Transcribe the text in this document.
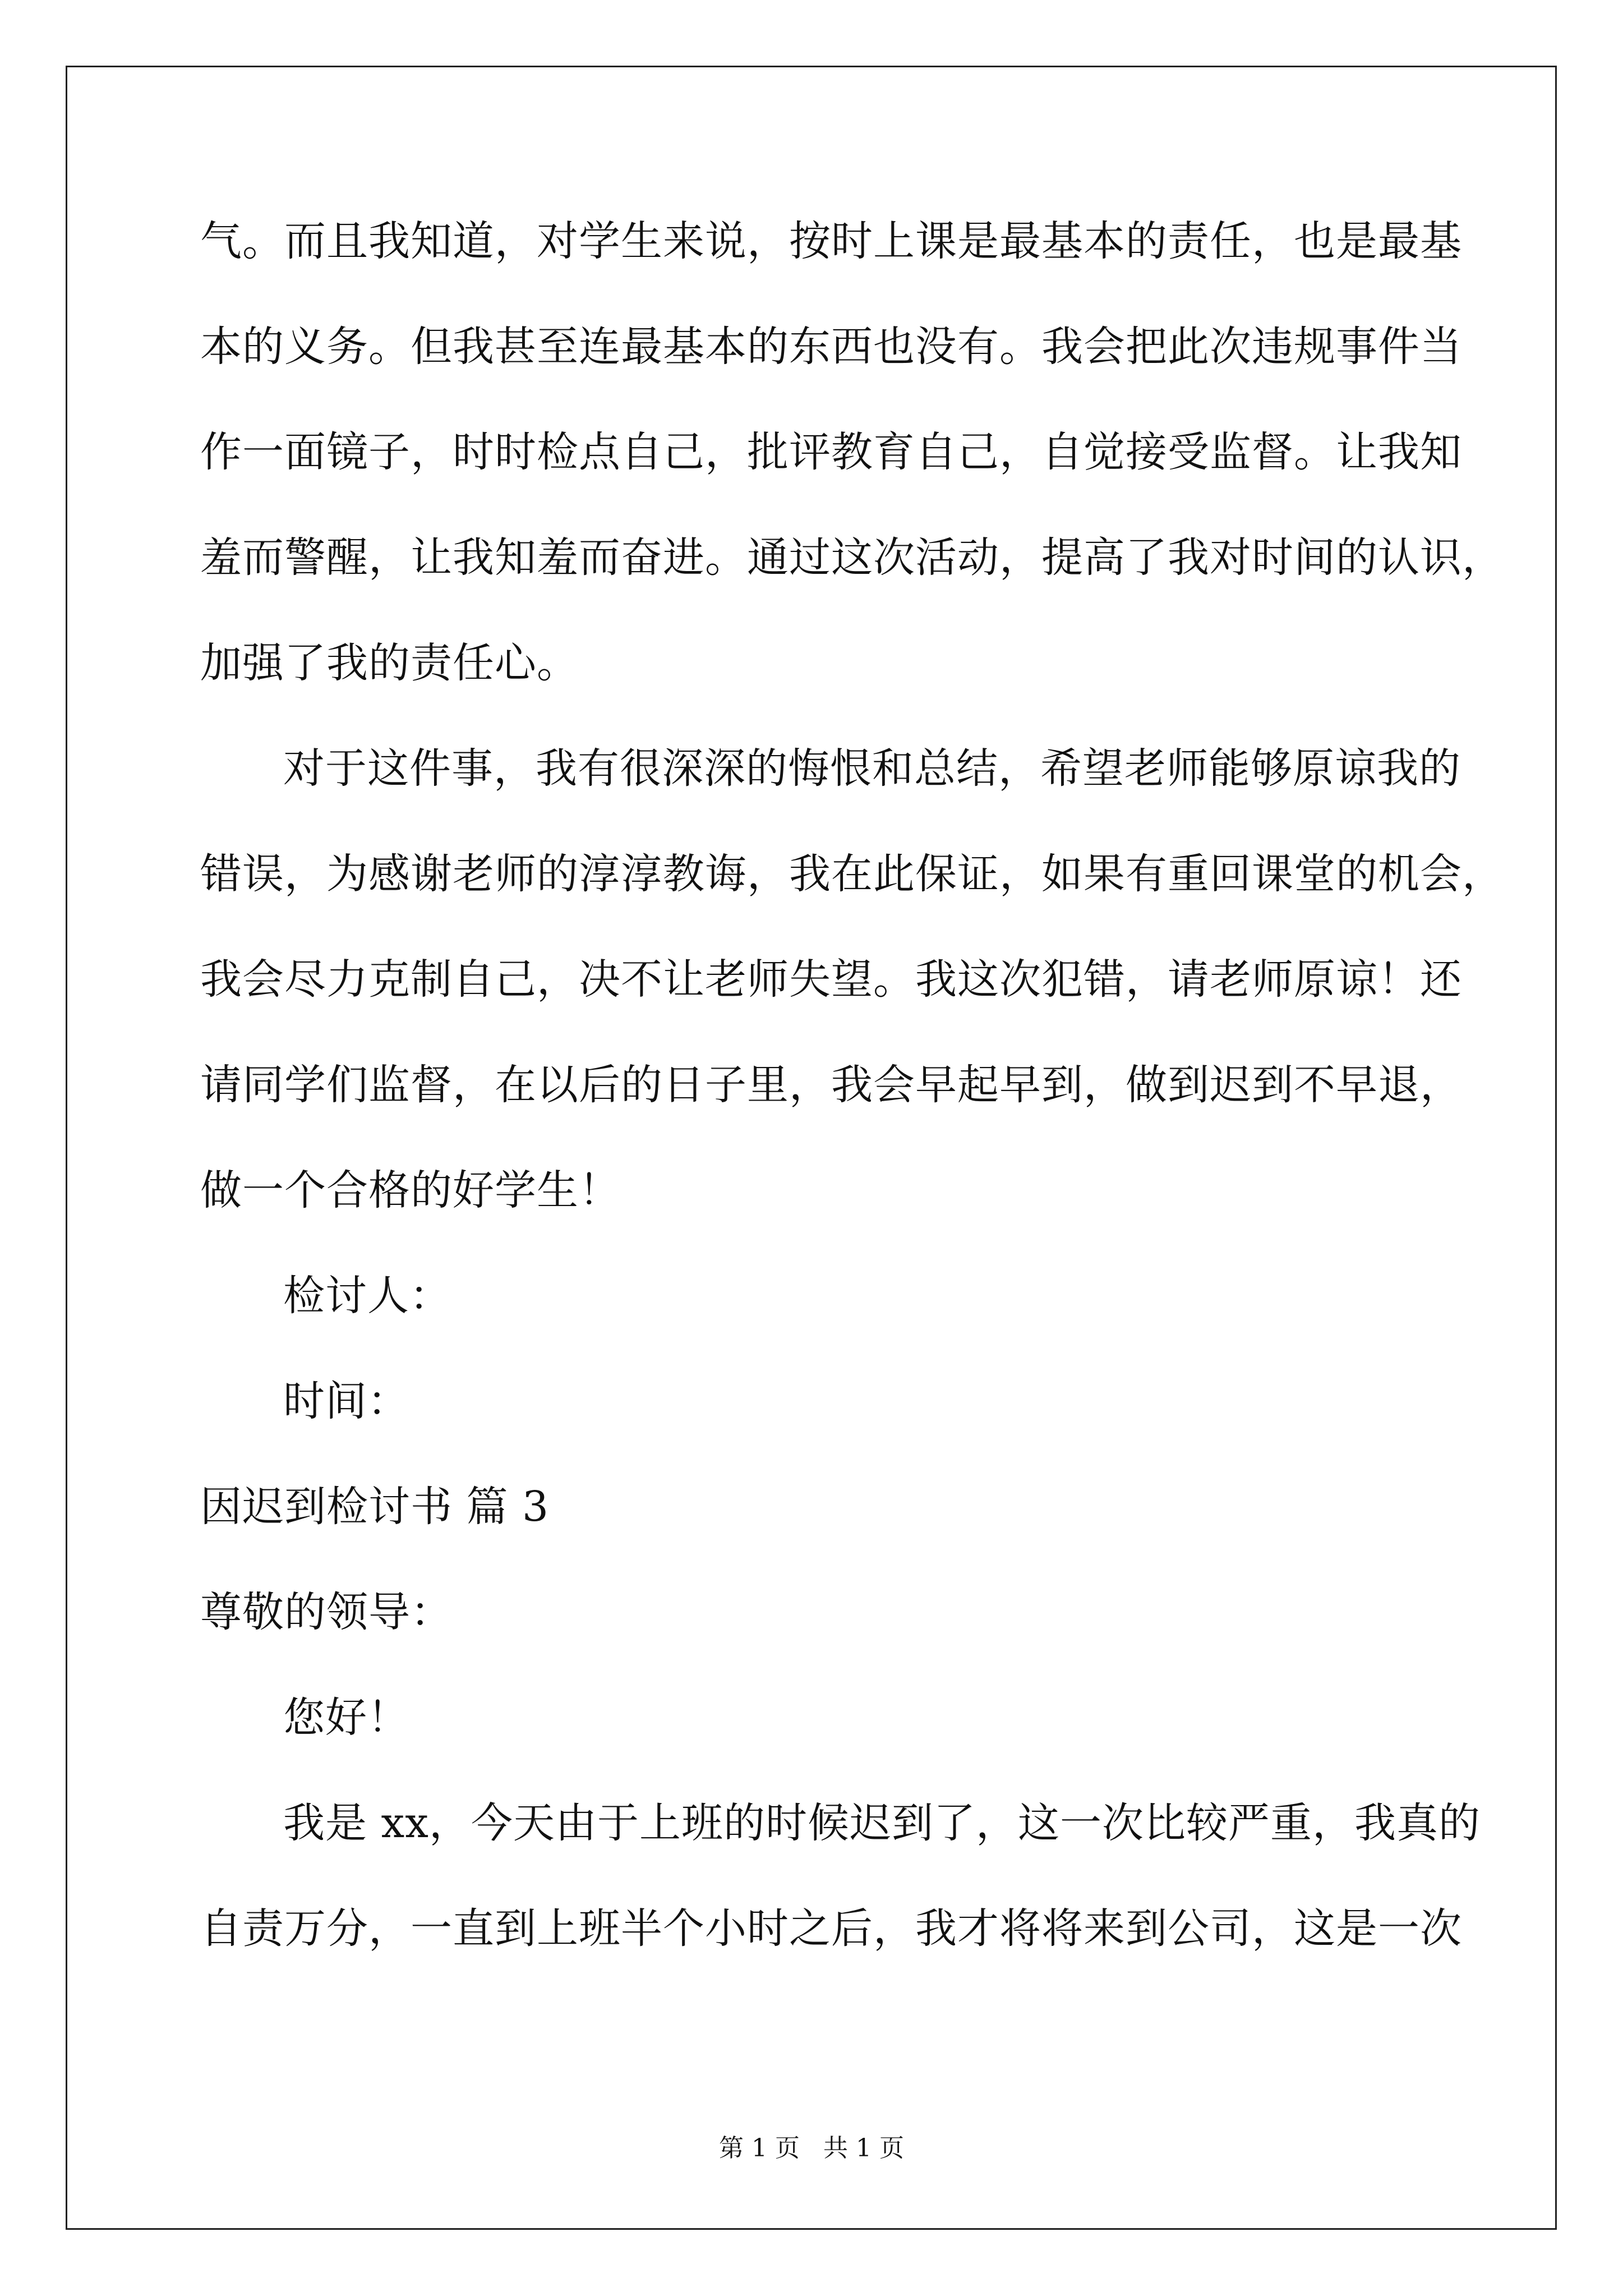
气。而且我知道，对学生来说，按时上课是最基本的责任，也是最基
本的义务。但我甚至连最基本的东西也没有。我会把此次违规事件当
作一面镜子，时时检点自己，批评教育自己，自觉接受监督。让我知
羞而警醒，让我知羞而奋进。通过这次活动，提高了我对时间的认识，
加强了我的责任心。
对于这件事，我有很深深的悔恨和总结，希望老师能够原谅我的
错误，为感谢老师的淳淳教诲，我在此保证，如果有重回课堂的机会，
我会尽力克制自己，决不让老师失望。我这次犯错，请老师原谅！还
请同学们监督，在以后的日子里，我会早起早到，做到迟到不早退，
做一个合格的好学生！
检讨人：
时间：
因迟到检讨书 篇 3
尊敬的领导：
您好！
我是 xx，今天由于上班的时候迟到了，这一次比较严重，我真的
自责万分，一直到上班半个小时之后，我才将将来到公司，这是一次
第 1 页   共 1 页
